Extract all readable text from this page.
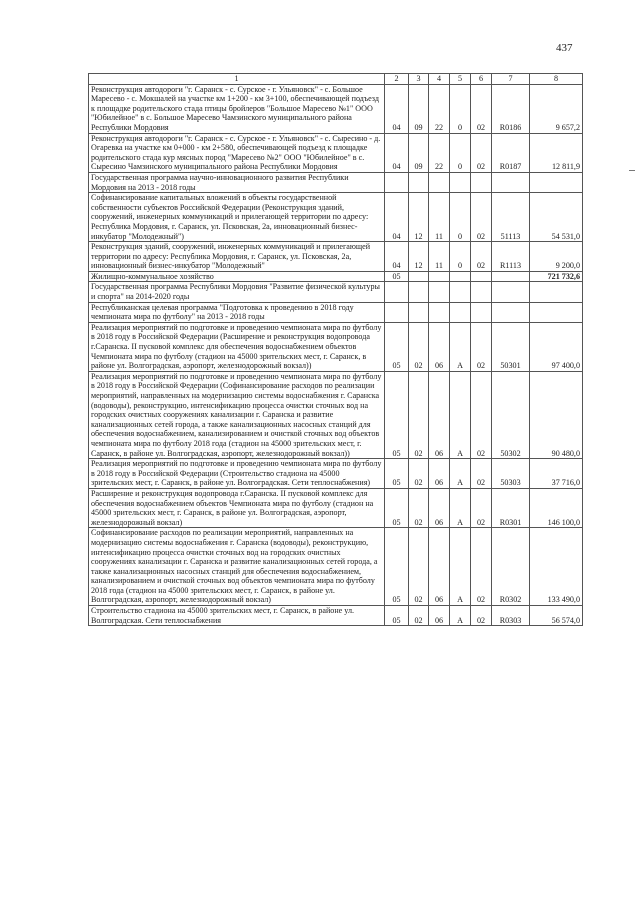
437
1	2	3	4	5	6	7	8
Реконструкция автодороги "г. Саранск - с. Сурское - г. Ульяновск" - с. Большое Маресево - с. Мокшалей на участке км 1+200 - км 3+100, обеспечивающей подъезд к площадке родительского стада птицы бройлеров "Большое Маресево №1" ООО "Юбилейное" в с. Большое Маресево Чамзинского муниципального района Республики Мордовия	04	09	22	0	02	R0186	9 657,2
Реконструкция автодороги "г. Саранск - с. Сурское - г. Ульяновск" - с. Сыресино - д. Огаревка на участке км 0+000 - км 2+580, обеспечивающей подъезд к площадке родительского стада кур мясных пород "Маресево №2" ООО "Юбилейное" в с. Сыресино Чамзинского муниципального района Республики Мордовия	04	09	22	0	02	R0187	12 811,9
Государственная программа научно-инновационного развития Республики Мордовия на 2013 - 2018 годы							
Софинансирование капитальных вложений в объекты государственной собственности субъектов Российской Федерации (Реконструкция зданий, сооружений, инженерных коммуникаций и прилегающей территории по адресу: Республика Мордовия, г. Саранск, ул. Псковская, 2а, инновационный бизнес-инкубатор "Молодежный")	04	12	11	0	02	51113	54 531,0
Реконструкция зданий, сооружений, инженерных коммуникаций и прилегающей территории по адресу: Республика Мордовия, г. Саранск, ул. Псковская, 2а, инновационный бизнес-инкубатор "Молодежный"	04	12	11	0	02	R1113	9 200,0
Жилищно-коммунальное хозяйство	05						721 732,6
Государственная программа Республики Мордовия "Развитие физической культуры и спорта" на 2014-2020 годы							
Республиканская целевая программа "Подготовка к проведению в 2018 году чемпионата мира по футболу" на 2013 - 2018 годы							
Реализация мероприятий по подготовке и проведению чемпионата мира по футболу в 2018 году в Российской Федерации (Расширение и реконструкция водопровода г.Саранска. II пусковой комплекс для обеспечения водоснабжением объектов Чемпионата мира по футболу (стадион на 45000 зрительских мест, г. Саранск, в районе ул. Волгоградская, аэропорт, железнодорожный вокзал))	05	02	06	А	02	50301	97 400,0
Реализация мероприятий по подготовке и проведению чемпионата мира по футболу в 2018 году в Российской Федерации (Софинансирование расходов по реализации мероприятий, направленных на модернизацию системы водоснабжения г. Саранска (водоводы), реконструкцию, интенсификацию процесса очистки сточных вод на городских очистных сооружениях канализации г. Саранска и развитие канализационных сетей города, а также канализационных насосных станций для обеспечения водоснабжением, канализированием и очисткой сточных вод объектов чемпионата мира по футболу 2018 года (стадион на 45000 зрительских мест, г. Саранск, в районе ул. Волгоградская, аэропорт, железнодорожный вокзал))	05	02	06	А	02	50302	90 480,0
Реализация мероприятий по подготовке и проведению чемпионата мира по футболу в 2018 году в Российской Федерации (Строительство стадиона на 45000 зрительских мест, г. Саранск, в районе ул. Волгоградская. Сети теплоснабжения)	05	02	06	А	02	50303	37 716,0
Расширение и реконструкция водопровода г.Саранска. II пусковой комплекс для обеспечения водоснабжением объектов Чемпионата мира по футболу (стадион на 45000 зрительских мест, г. Саранск, в районе ул. Волгоградская, аэропорт, железнодорожный вокзал)	05	02	06	А	02	R0301	146 100,0
Софинансирование расходов по реализации мероприятий, направленных на модернизацию системы водоснабжения г. Саранска (водоводы), реконструкцию, интенсификацию процесса очистки сточных вод на городских очистных сооружениях канализации г. Саранска и развитие канализационных сетей города, а также канализационных насосных станций для обеспечения водоснабжением, канализированием и очисткой сточных вод объектов чемпионата мира по футболу 2018 года (стадион на 45000 зрительских мест, г. Саранск, в районе ул. Волгоградская, аэропорт, железнодорожный вокзал)	05	02	06	А	02	R0302	133 490,0
Строительство стадиона на 45000 зрительских мест, г. Саранск, в районе ул. Волгоградская. Сети теплоснабжения	05	02	06	А	02	R0303	56 574,0
